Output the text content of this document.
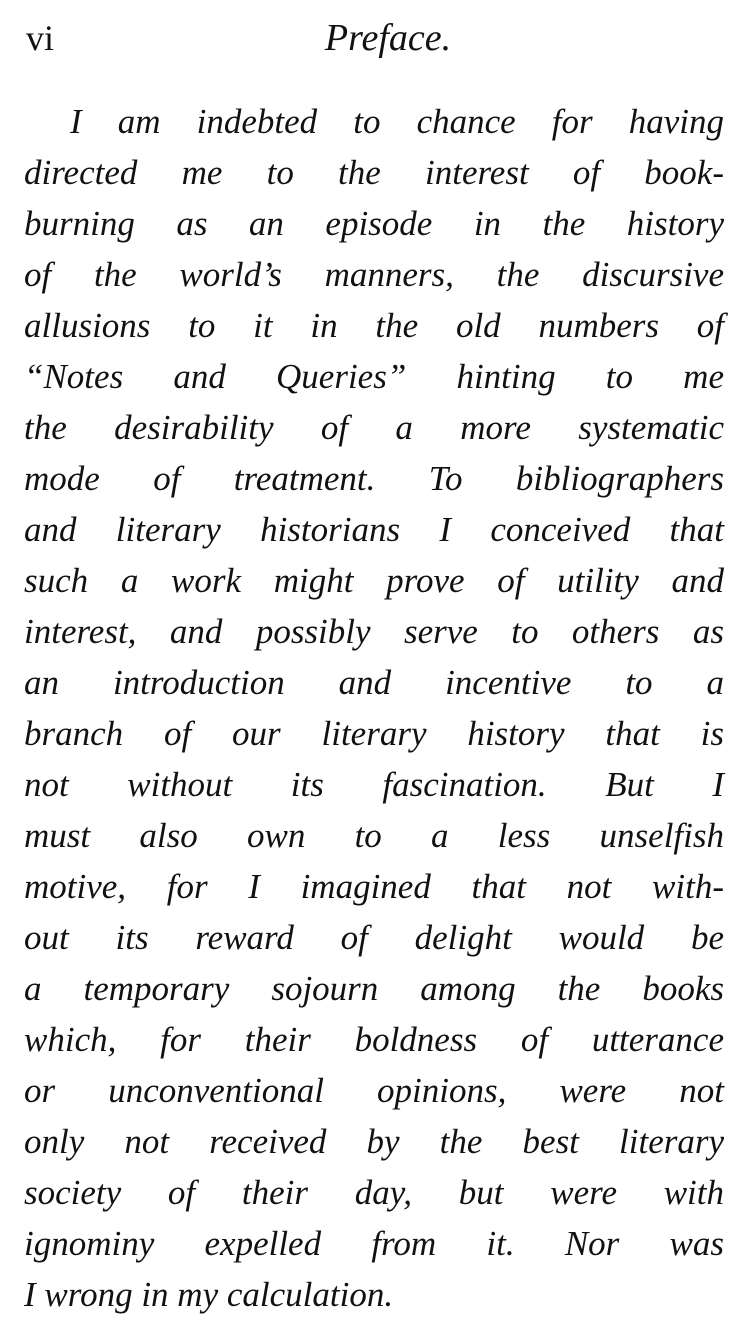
vi	Preface.
I am indebted to chance for having
directed me to the interest of book-
burning as an episode in the history
of the world’s manners, the discursive
allusions to it in the old numbers of
“Notes and Queries” hinting to me
the desirability of a more systematic
mode of treatment. To bibliographers
and literary historians I conceived that
such a work might prove of utility and
interest, and possibly serve to others as
an introduction and incentive to a
branch of our literary history that is
not without its fascination. But I
must also own to a less unselfish
motive, for I imagined that not with-
out its reward of delight would be
a temporary sojourn among the books
which, for their boldness of utterance
or unconventional opinions, were not
only not received by the best literary
society of their day, but were with
ignominy expelled from it. Nor was
I wrong in my calculation.
